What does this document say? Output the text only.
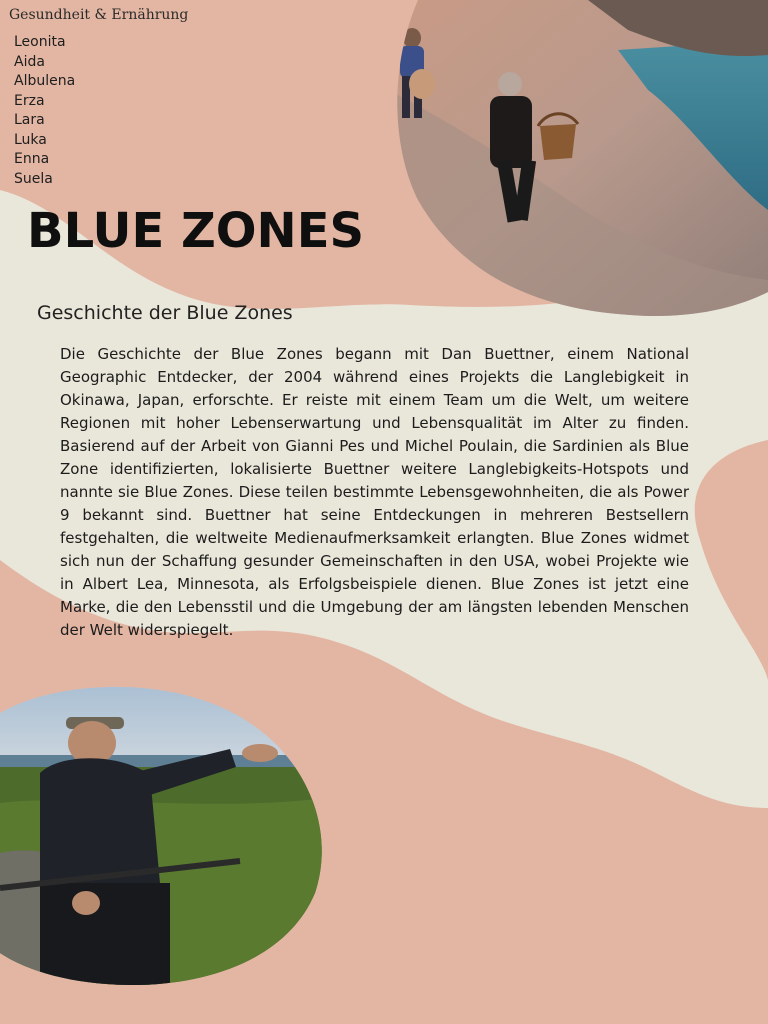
Gesundheit & Ernährung
Leonita
Aida
Albulena
Erza
Lara
Luka
Enna
Suela
BLUE ZONES
Geschichte der Blue Zones

Die Geschichte der Blue Zones begann mit Dan Buettner, einem National Geographic Entdecker, der 2004 während eines Projekts die Langlebigkeit in Okinawa, Japan, erforschte. Er reiste mit einem Team um die Welt, um weitere Regionen mit hoher Lebenserwartung und Lebensqualität im Alter zu finden. Basierend auf der Arbeit von Gianni Pes und Michel Poulain, die Sardinien als Blue Zone identifizierten, lokalisierte Buettner weitere Langlebigkeits-Hotspots und nannte sie Blue Zones. Diese teilen bestimmte Lebensgewohnheiten, die als Power 9 bekannt sind. Buettner hat seine Entdeckungen in mehreren Bestsellern festgehalten, die weltweite Medienaufmerksamkeit erlangten. Blue Zones widmet sich nun der Schaffung gesunder Gemeinschaften in den USA, wobei Projekte wie in Albert Lea, Minnesota, als Erfolgsbeispiele dienen. Blue Zones ist jetzt eine Marke, die den Lebensstil und die Umgebung der am längsten lebenden Menschen der Welt widerspiegelt.
